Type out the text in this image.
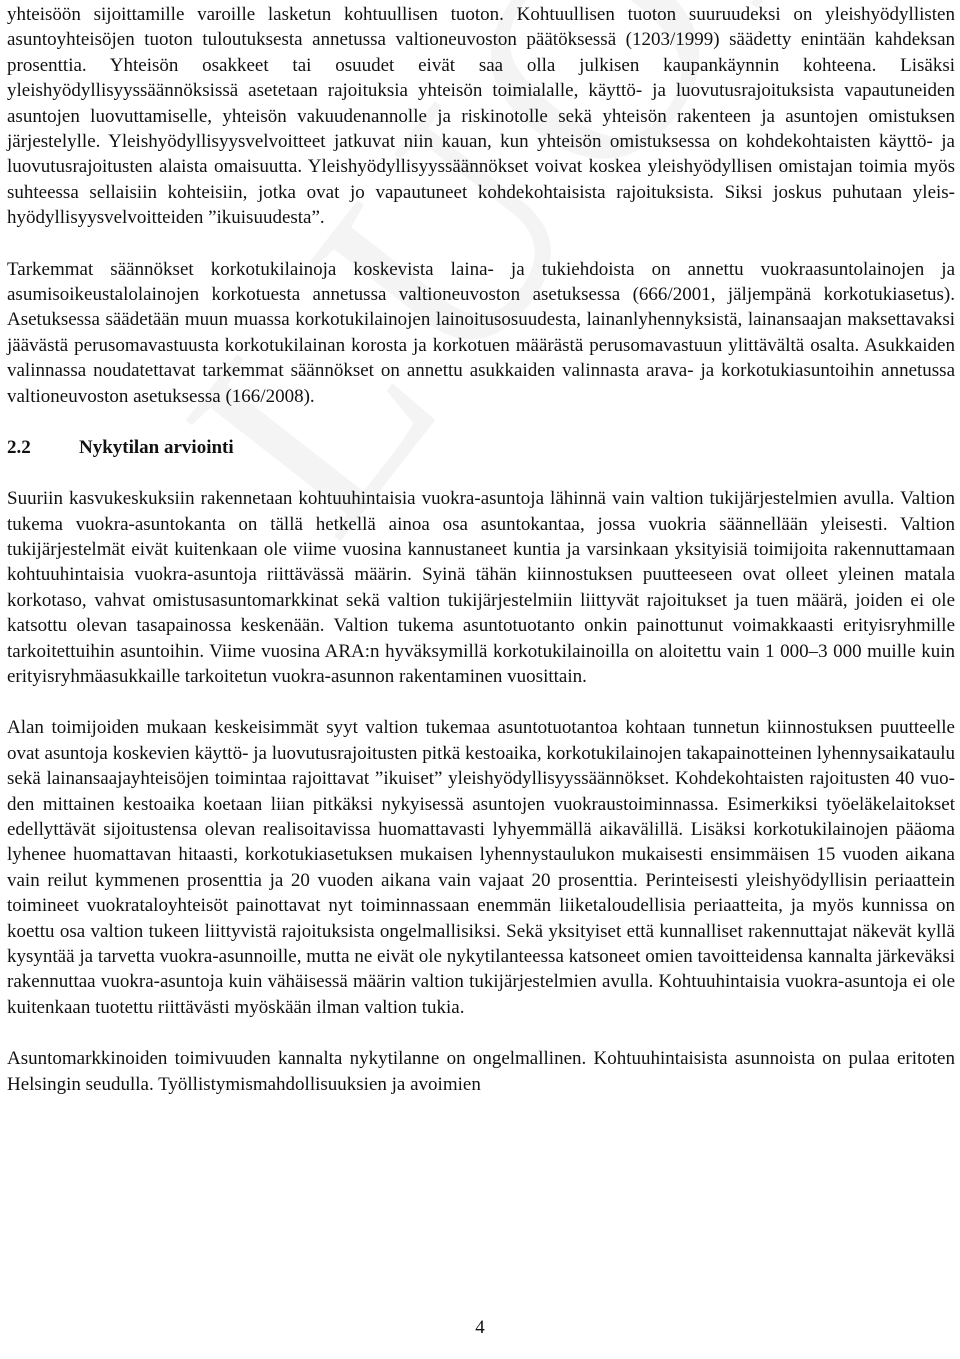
yhteisöön sijoittamille varoille lasketun kohtuullisen tuoton. Kohtuullisen tuoton suuruudeksi on yleishyödyllisten asuntoyhteisöjen tuoton tuloutuksesta annetussa valtioneuvoston päätöksessä (1203/1999) säädetty enintään kahdeksan prosenttia. Yhteisön osakkeet tai osuudet eivät saa olla julkisen kaupankäynnin kohteena. Lisäksi yleishyödyllisyyssäännöksissä asetetaan rajoituksia yhteisön toimialalle, käyttö- ja luovutusrajoituksista vapautuneiden asuntojen luovuttamiselle, yhteisön vakuudenannolle ja riskinotolle sekä yhteisön rakenteen ja asuntojen omistuksen järjestelylle. Yleishyödyllisyysvelvoitteet jatkuvat niin kauan, kun yhteisön omistuksessa on kohdekohtaisten käyttö- ja luovutusrajoitusten alaista omaisuutta. Yleishyödyllisyyssäännökset voivat koskea yleishyödyllisen omistajan toimia myös suhteessa sellaisiin kohteisiin, jotka ovat jo vapautuneet kohdekohtaisista rajoituksista. Siksi joskus puhutaan yleishyödyllisyysvelvoitteiden ”ikuisuudesta”.

Tarkemmat säännökset korkotukilainoja koskevista laina- ja tukiehdoista on annettu vuokraasuntolainojen ja asumisoikeustalolainojen korkotuesta annetussa valtioneuvoston asetuksessa (666/2001, jäljempänä korkotukiasetus). Asetuksessa säädetään muun muassa korkotukilainojen lainoitusosuudesta, lainanlyhennyksistä, lainansaajan maksettavaksi jäävästä perusomavastuusta korkotukilainan korosta ja korkotuen määrästä perusomavastuun ylittävältä osalta. Asukkaiden valinnassa noudatettavat tarkemmat säännökset on annettu asukkaiden valinnasta arava- ja korkotukiasuntoihin annetussa valtioneuvoston asetuksessa (166/2008).

2.2	Nykytilan arviointi

Suuriin kasvukeskuksiin rakennetaan kohtuuhintaisia vuokra-asuntoja lähinnä vain valtion tukijärjestelmien avulla. Valtion tukema vuokra-asuntokanta on tällä hetkellä ainoa osa asuntokantaa, jossa vuokria säännellään yleisesti. Valtion tukijärjestelmät eivät kuitenkaan ole viime vuosina kannustaneet kuntia ja varsinkaan yksityisiä toimijoita rakennuttamaan kohtuuhintaisia vuokra-asuntoja riittävässä määrin. Syinä tähän kiinnostuksen puutteeseen ovat olleet yleinen matala korkotaso, vahvat omistusasuntomarkkinat sekä valtion tukijärjestelmiin liittyvät rajoitukset ja tuen määrä, joiden ei ole katsottu olevan tasapainossa keskenään. Valtion tukema asuntotuotanto onkin painottunut voimakkaasti erityisryhmille tarkoitettuihin asuntoihin. Viime vuosina ARA:n hyväksymillä korkotukilainoilla on aloitettu vain 1 000–3 000 muille kuin erityisryhmäasukkaille tarkoitetun vuokra-asunnon rakentaminen vuosittain.

Alan toimijoiden mukaan keskeisimmät syyt valtion tukemaa asuntotuotantoa kohtaan tunnetun kiinnostuksen puutteelle ovat asuntoja koskevien käyttö- ja luovutusrajoitusten pitkä kestoaika, korkotukilainojen takapainotteinen lyhennysaikataulu sekä lainansaajayhteisöjen toimintaa rajoittavat ”ikuiset” yleishyödyllisyyssäännökset. Kohdekohtaisten rajoitusten 40 vuoden mittainen kestoaika koetaan liian pitkäksi nykyisessä asuntojen vuokraustoiminnassa. Esimerkiksi työeläkelaitokset edellyttävät sijoitustensa olevan realisoitavissa huomattavasti lyhyemmällä aikavälillä. Lisäksi korkotukilainojen pääoma lyhenee huomattavan hitaasti, korkotukiasetuksen mukaisen lyhennystaulukon mukaisesti ensimmäisen 15 vuoden aikana vain reilut kymmenen prosenttia ja 20 vuoden aikana vain vajaat 20 prosenttia. Perinteisesti yleishyödyllisin periaattein toimineet vuokrataloyhteisöt painottavat nyt toiminnassaan enemmän liiketaloudellisia periaatteita, ja myös kunnissa on koettu osa valtion tukeen liittyvistä rajoituksista ongelmallisiksi. Sekä yksityiset että kunnalliset rakennuttajat näkevät kyllä kysyntää ja tarvetta vuokra-asunnoille, mutta ne eivät ole nykytilanteessa katsoneet omien tavoitteidensa kannalta järkeväksi rakennuttaa vuokra-asuntoja kuin vähäisessä määrin valtion tukijärjestelmien avulla. Kohtuuhintaisia vuokra-asuntoja ei ole kuitenkaan tuotettu riittävästi myöskään ilman valtion tukia.

Asuntomarkkinoiden toimivuuden kannalta nykytilanne on ongelmallinen. Kohtuuhintaisista asunnoista on pulaa eritoten Helsingin seudulla. Työllistymismahdollisuuksien ja avoimien

4
